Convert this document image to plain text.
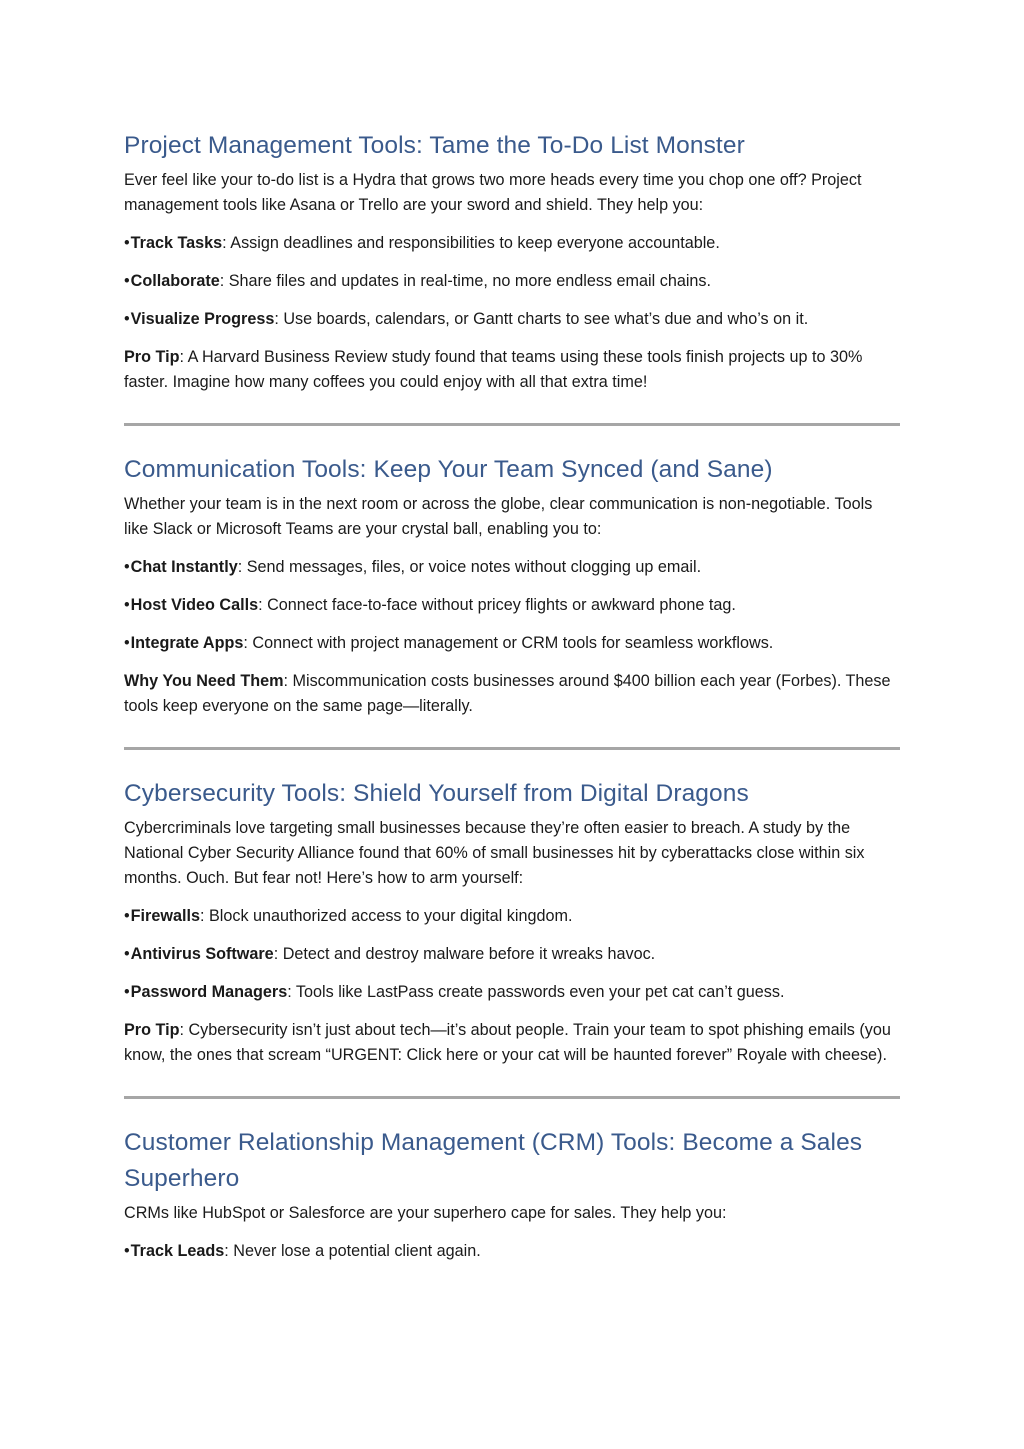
Project Management Tools: Tame the To-Do List Monster

Ever feel like your to-do list is a Hydra that grows two more heads every time you chop one off? Project management tools like Asana or Trello are your sword and shield. They help you:

•Track Tasks: Assign deadlines and responsibilities to keep everyone accountable.

•Collaborate: Share files and updates in real-time, no more endless email chains.

•Visualize Progress: Use boards, calendars, or Gantt charts to see what’s due and who’s on it.

Pro Tip: A Harvard Business Review study found that teams using these tools finish projects up to 30% faster. Imagine how many coffees you could enjoy with all that extra time!

Communication Tools: Keep Your Team Synced (and Sane)

Whether your team is in the next room or across the globe, clear communication is non-negotiable. Tools like Slack or Microsoft Teams are your crystal ball, enabling you to:

•Chat Instantly: Send messages, files, or voice notes without clogging up email.

•Host Video Calls: Connect face-to-face without pricey flights or awkward phone tag.

•Integrate Apps: Connect with project management or CRM tools for seamless workflows.

Why You Need Them: Miscommunication costs businesses around $400 billion each year (Forbes). These tools keep everyone on the same page—literally.

Cybersecurity Tools: Shield Yourself from Digital Dragons

Cybercriminals love targeting small businesses because they’re often easier to breach. A study by the National Cyber Security Alliance found that 60% of small businesses hit by cyberattacks close within six months. Ouch. But fear not! Here’s how to arm yourself:

•Firewalls: Block unauthorized access to your digital kingdom.

•Antivirus Software: Detect and destroy malware before it wreaks havoc.

•Password Managers: Tools like LastPass create passwords even your pet cat can’t guess.

Pro Tip: Cybersecurity isn’t just about tech—it’s about people. Train your team to spot phishing emails (you know, the ones that scream “URGENT: Click here or your cat will be haunted forever” Royale with cheese).

Customer Relationship Management (CRM) Tools: Become a Sales Superhero

CRMs like HubSpot or Salesforce are your superhero cape for sales. They help you:

•Track Leads: Never lose a potential client again.
